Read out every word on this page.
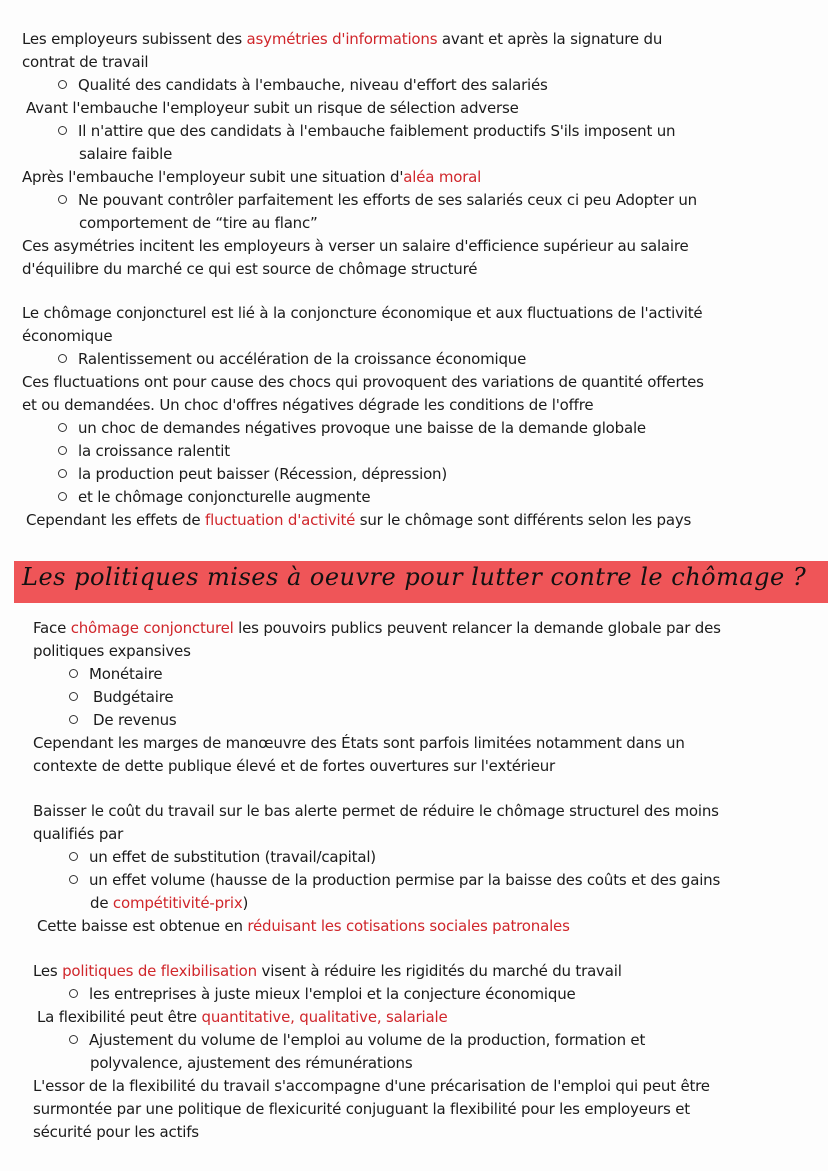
Les employeurs subissent des asymétries d'informations avant et après la signature du
contrat de travail
Qualité des candidats à l'embauche, niveau d'effort des salariés
Avant l'embauche l'employeur subit un risque de sélection adverse
Il n'attire que des candidats à l'embauche faiblement productifs S'ils imposent un
salaire faible
Après l'embauche l'employeur subit une situation d'aléa moral
Ne pouvant contrôler parfaitement les efforts de ses salariés ceux ci peu Adopter un
comportement de “tire au flanc”
Ces asymétries incitent les employeurs à verser un salaire d'efficience supérieur au salaire
d'équilibre du marché ce qui est source de chômage structuré
Le chômage conjoncturel est lié à la conjoncture économique et aux fluctuations de l'activité
économique
Ralentissement ou accélération de la croissance économique
Ces fluctuations ont pour cause des chocs qui provoquent des variations de quantité offertes
et ou demandées. Un choc d'offres négatives dégrade les conditions de l'offre
un choc de demandes négatives provoque une baisse de la demande globale
la croissance ralentit
la production peut baisser (Récession, dépression)
et le chômage conjoncturelle augmente
Cependant les effets de fluctuation d'activité sur le chômage sont différents selon les pays
Les politiques mises à oeuvre pour lutter contre le chômage ?
Face chômage conjoncturel les pouvoirs publics peuvent relancer la demande globale par des
politiques expansives
Monétaire
Budgétaire
De revenus
Cependant les marges de manœuvre des États sont parfois limitées notamment dans un
contexte de dette publique élevé et de fortes ouvertures sur l'extérieur
Baisser le coût du travail sur le bas alerte permet de réduire le chômage structurel des moins
qualifiés par
un effet de substitution (travail/capital)
un effet volume (hausse de la production permise par la baisse des coûts et des gains
de compétitivité-prix)
Cette baisse est obtenue en réduisant les cotisations sociales patronales
Les politiques de flexibilisation visent à réduire les rigidités du marché du travail
les entreprises à juste mieux l'emploi et la conjecture économique
La flexibilité peut être quantitative, qualitative, salariale
Ajustement du volume de l'emploi au volume de la production, formation et
polyvalence, ajustement des rémunérations
L'essor de la flexibilité du travail s'accompagne d'une précarisation de l'emploi qui peut être
surmontée par une politique de flexicurité conjuguant la flexibilité pour les employeurs et
sécurité pour les actifs
